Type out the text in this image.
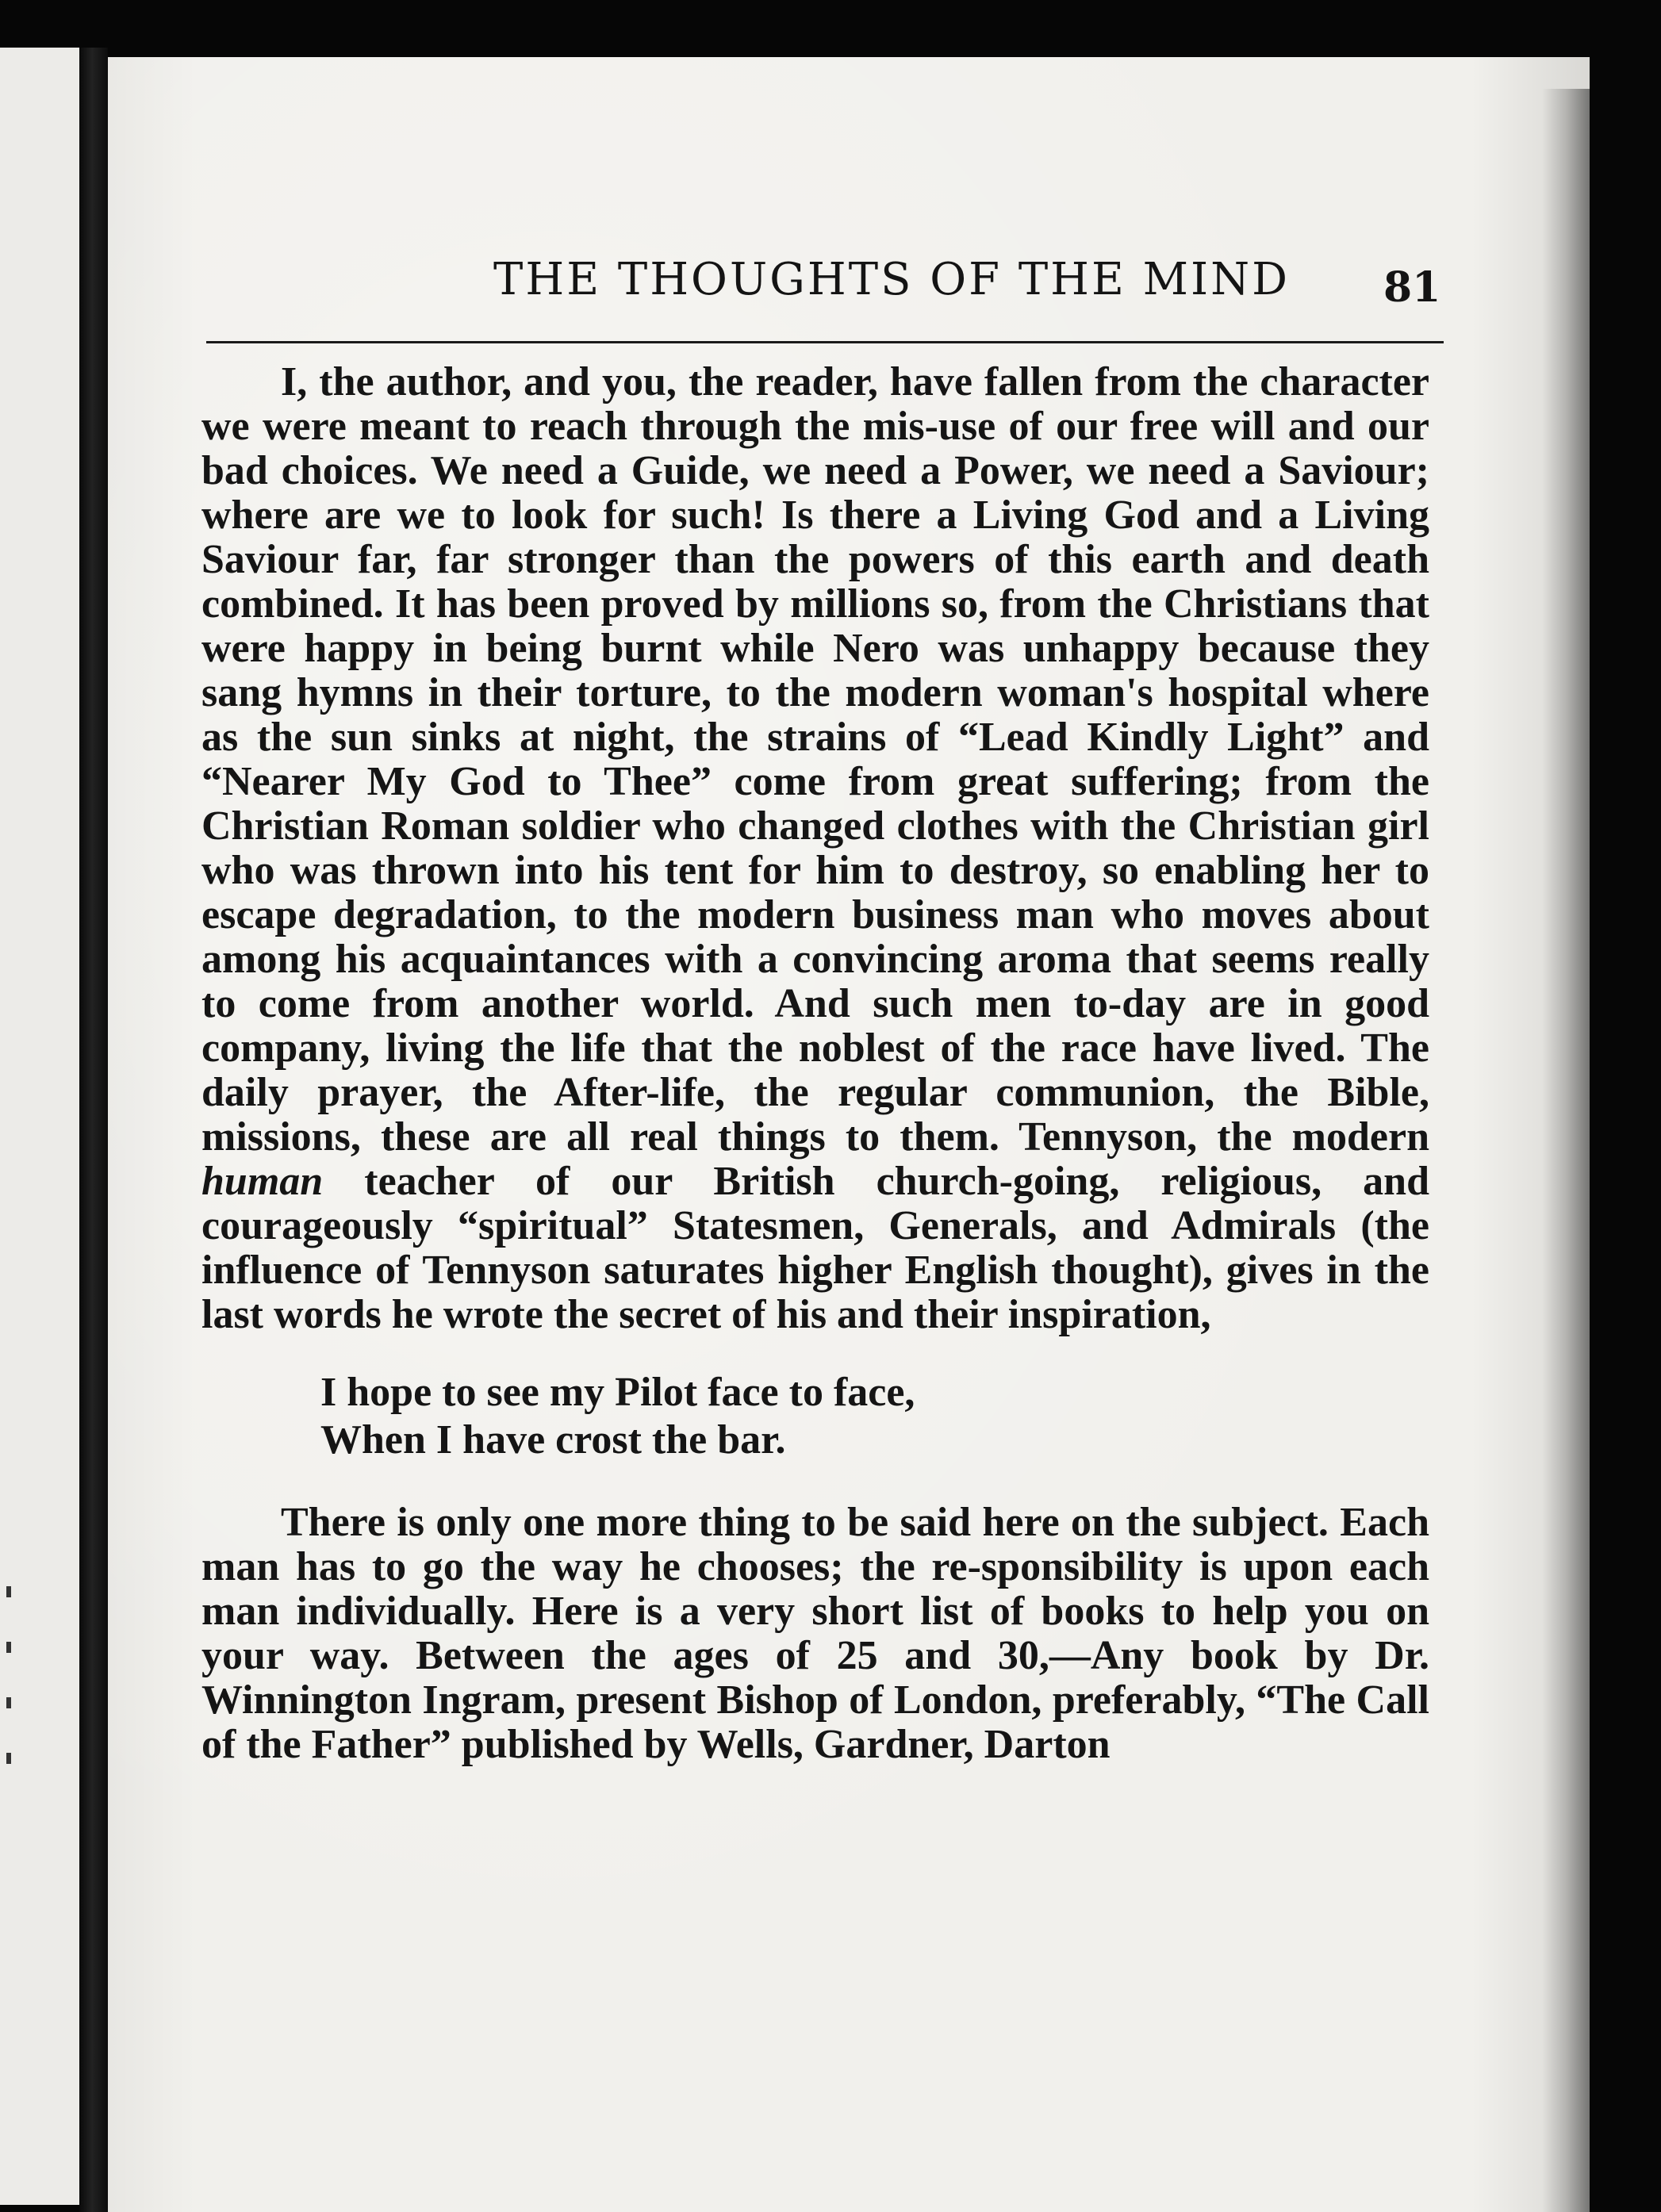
THE THOUGHTS OF THE MIND 81

I, the author, and you, the reader, have fallen from the character we were meant to reach through the mis-use of our free will and our bad choices. We need a Guide, we need a Power, we need a Saviour; where are we to look for such! Is there a Living God and a Living Saviour far, far stronger than the powers of this earth and death combined. It has been proved by millions so, from the Christians that were happy in being burnt while Nero was unhappy because they sang hymns in their torture, to the modern woman's hospital where as the sun sinks at night, the strains of “Lead Kindly Light” and “Nearer My God to Thee” come from great suffering; from the Christian Roman soldier who changed clothes with the Christian girl who was thrown into his tent for him to destroy, so enabling her to escape degradation, to the modern business man who moves about among his acquaintances with a convincing aroma that seems really to come from another world. And such men to-day are in good company, living the life that the noblest of the race have lived. The daily prayer, the After-life, the regular communion, the Bible, missions, these are all real things to them. Tennyson, the modern human teacher of our British church-going, religious, and courageously “spiritual” Statesmen, Generals, and Admirals (the influence of Tennyson saturates higher English thought), gives in the last words he wrote the secret of his and their inspiration,

I hope to see my Pilot face to face,
When I have crost the bar.

There is only one more thing to be said here on the subject. Each man has to go the way he chooses; the re-sponsibility is upon each man individually. Here is a very short list of books to help you on your way. Between the ages of 25 and 30,—Any book by Dr. Winnington Ingram, present Bishop of London, preferably, “The Call of the Father” published by Wells, Gardner, Darton
